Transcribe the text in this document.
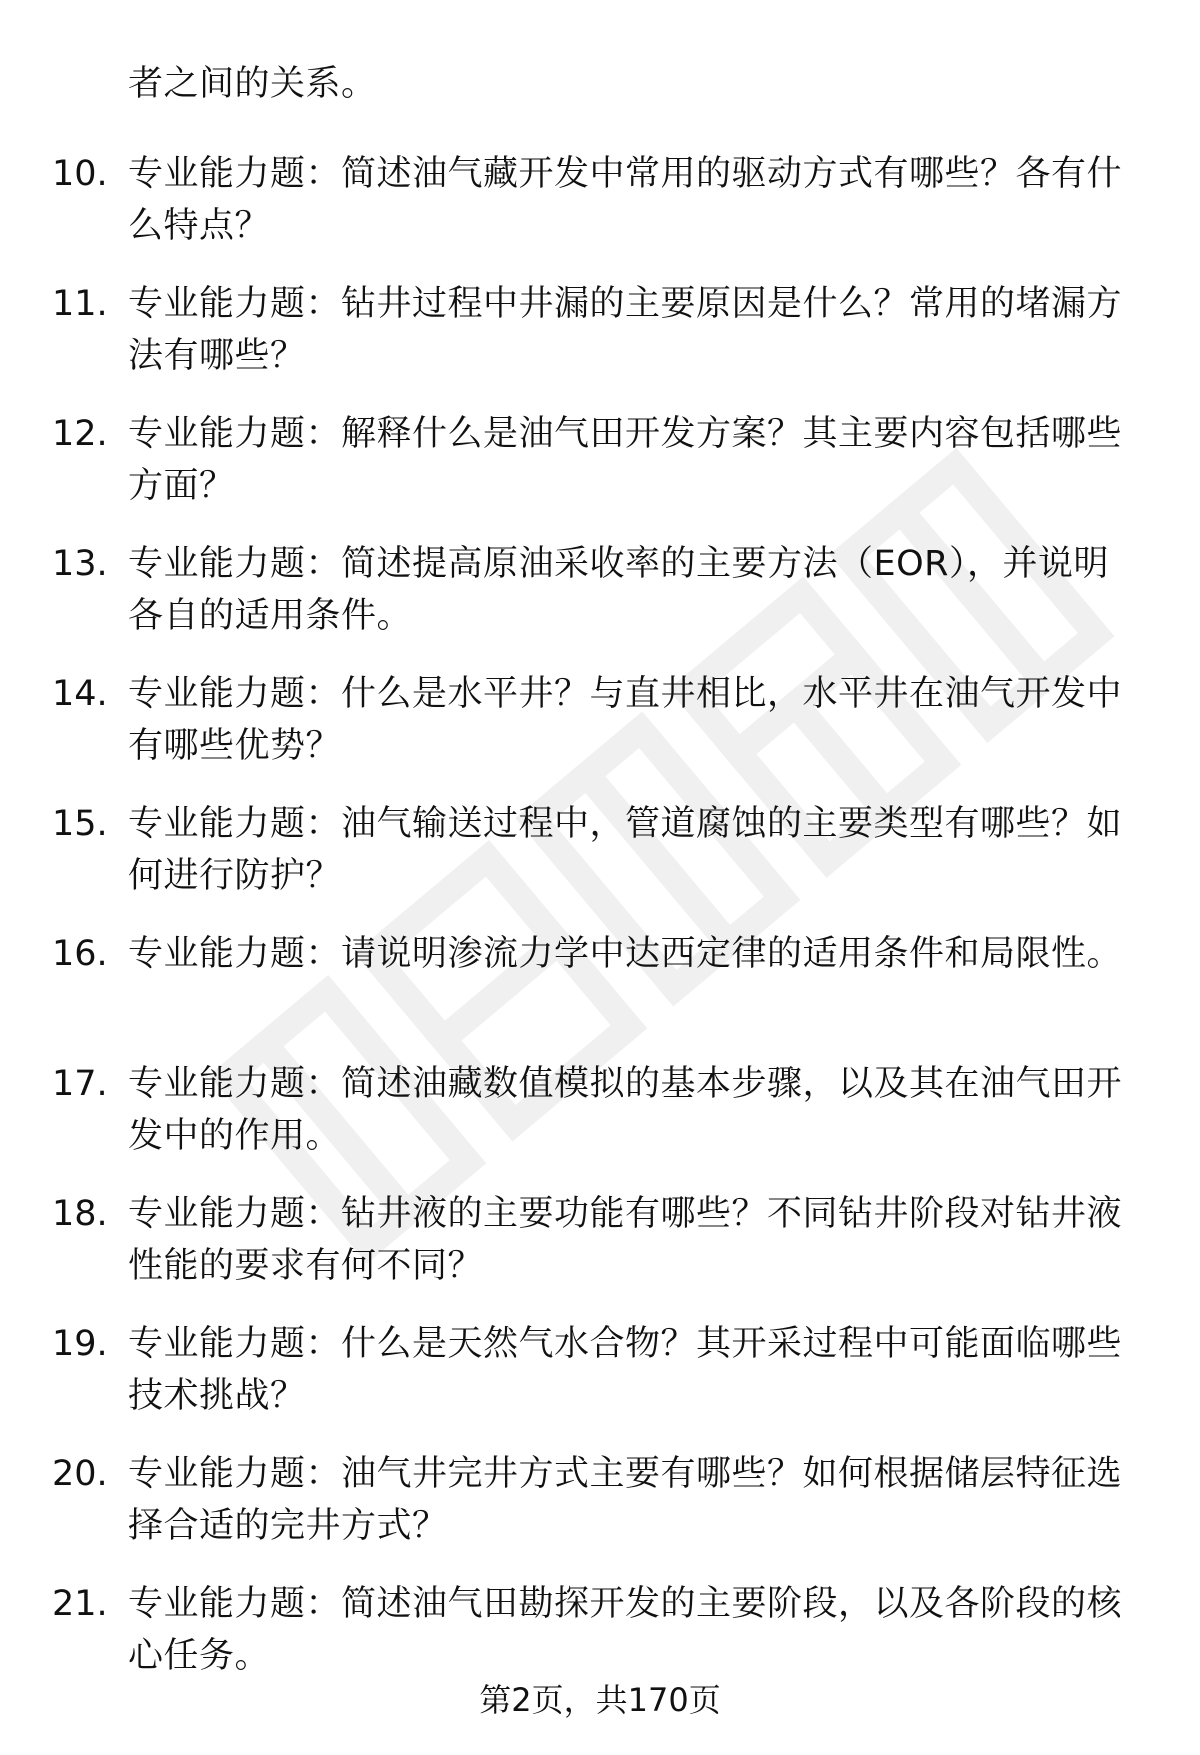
者之间的关系。

10. 专业能力题：简述油气藏开发中常用的驱动方式有哪些？各有什么特点？
11. 专业能力题：钻井过程中井漏的主要原因是什么？常用的堵漏方法有哪些？
12. 专业能力题：解释什么是油气田开发方案？其主要内容包括哪些方面？
13. 专业能力题：简述提高原油采收率的主要方法（EOR），并说明各自的适用条件。
14. 专业能力题：什么是水平井？与直井相比，水平井在油气开发中有哪些优势？
15. 专业能力题：油气输送过程中，管道腐蚀的主要类型有哪些？如何进行防护？
16. 专业能力题：请说明渗流力学中达西定律的适用条件和局限性。
17. 专业能力题：简述油藏数值模拟的基本步骤，以及其在油气田开发中的作用。
18. 专业能力题：钻井液的主要功能有哪些？不同钻井阶段对钻井液性能的要求有何不同？
19. 专业能力题：什么是天然气水合物？其开采过程中可能面临哪些技术挑战？
20. 专业能力题：油气井完井方式主要有哪些？如何根据储层特征选择合适的完井方式？
21. 专业能力题：简述油气田勘探开发的主要阶段，以及各阶段的核心任务。
第2页，共170页
